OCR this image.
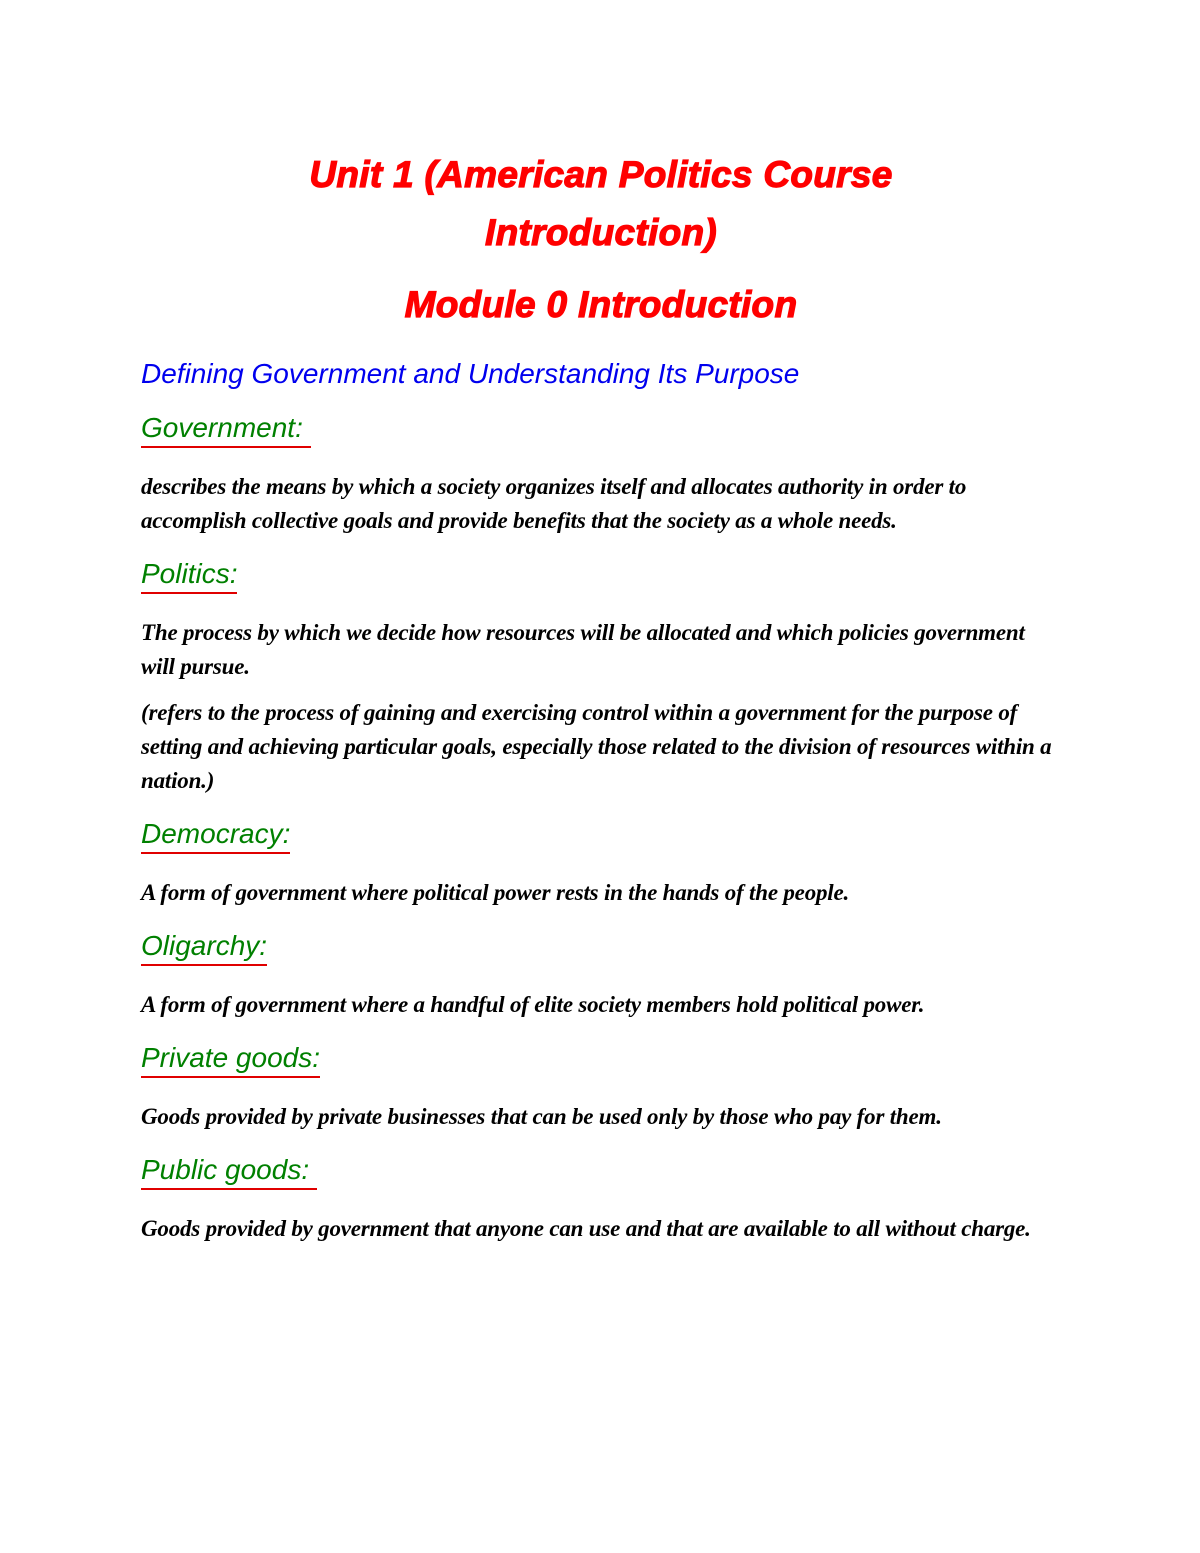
Unit 1 (American Politics Course
Introduction)
Module 0 Introduction
Defining Government and Understanding Its Purpose
Government:
describes the means by which a society organizes itself and allocates authority in order to accomplish collective goals and provide benefits that the society as a whole needs.
Politics:
The process by which we decide how resources will be allocated and which policies government will pursue.
(refers to the process of gaining and exercising control within a government for the purpose of setting and achieving particular goals, especially those related to the division of resources within a nation.)
Democracy:
A form of government where political power rests in the hands of the people.
Oligarchy:
A form of government where a handful of elite society members hold political power.
Private goods:
Goods provided by private businesses that can be used only by those who pay for them.
Public goods:
Goods provided by government that anyone can use and that are available to all without charge.
